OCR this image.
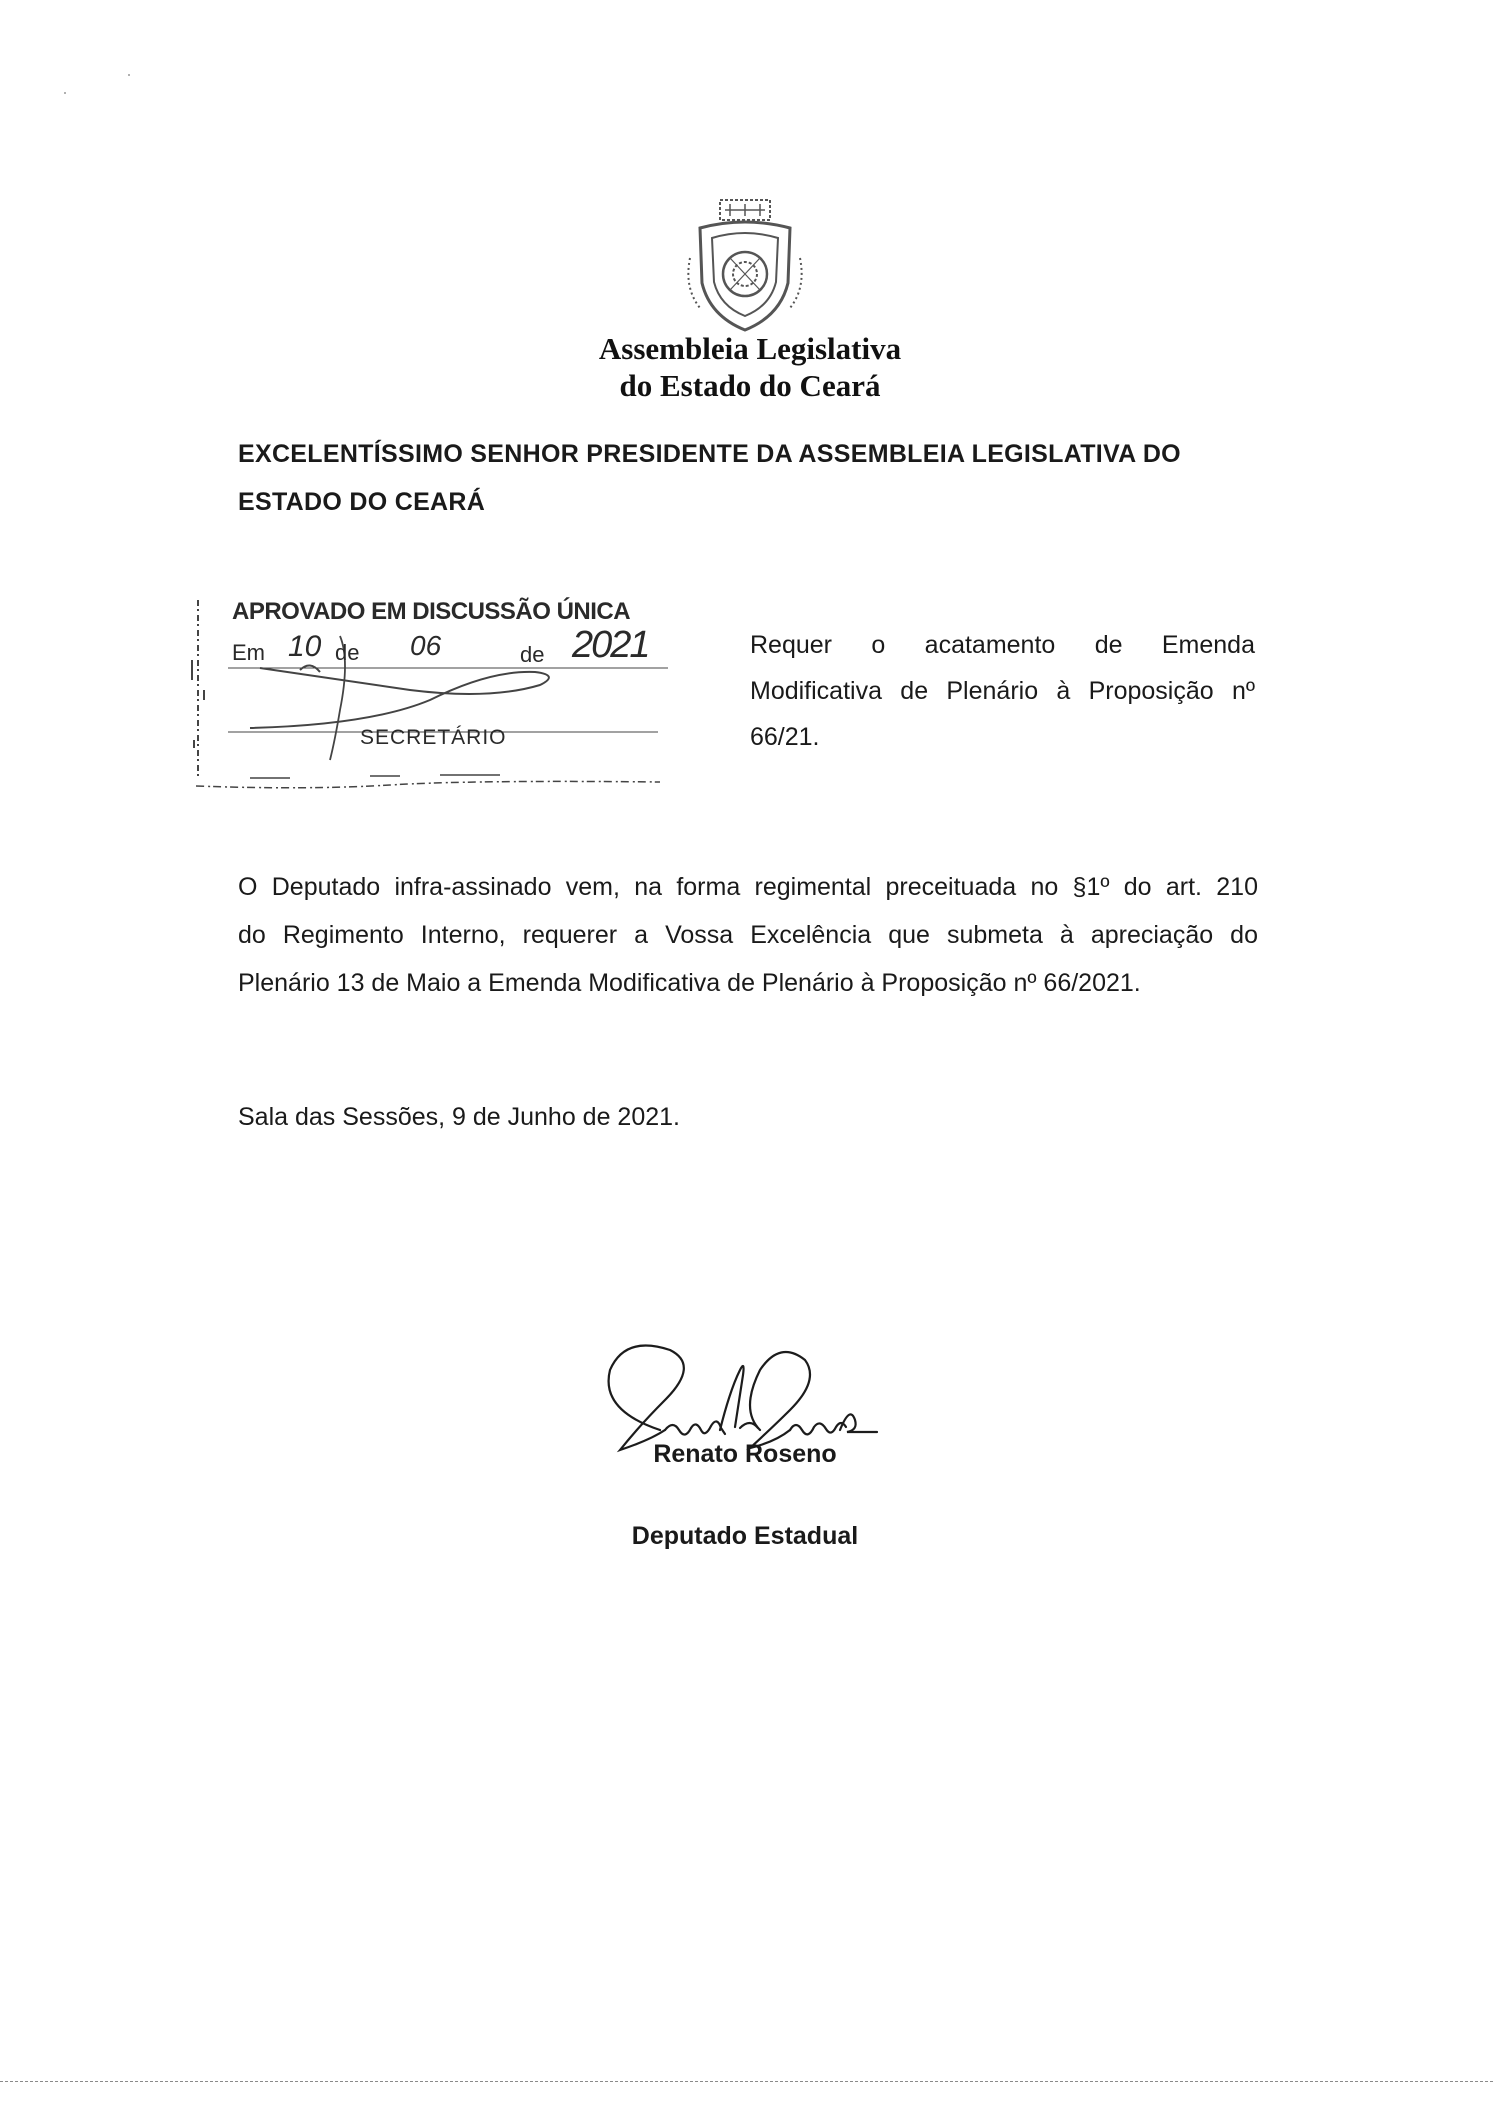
Assembleia Legislativa
do Estado do Ceará
EXCELENTÍSSIMO SENHOR PRESIDENTE DA ASSEMBLEIA LEGISLATIVA DO
ESTADO DO CEARÁ
APROVADO EM DISCUSSÃO ÚNICA
Em 10 de 06	de 2021
SECRETÁRIO
Requer o acatamento de Emenda Modificativa de Plenário à Proposição nº 66/21.
O Deputado infra-assinado vem, na forma regimental preceituada no §1º do art. 210
do Regimento Interno, requerer a Vossa Excelência que submeta à apreciação do
Plenário 13 de Maio a Emenda Modificativa de Plenário à Proposição nº 66/2021.
Sala das Sessões, 9 de Junho de 2021.
Renato Roseno
Deputado Estadual
